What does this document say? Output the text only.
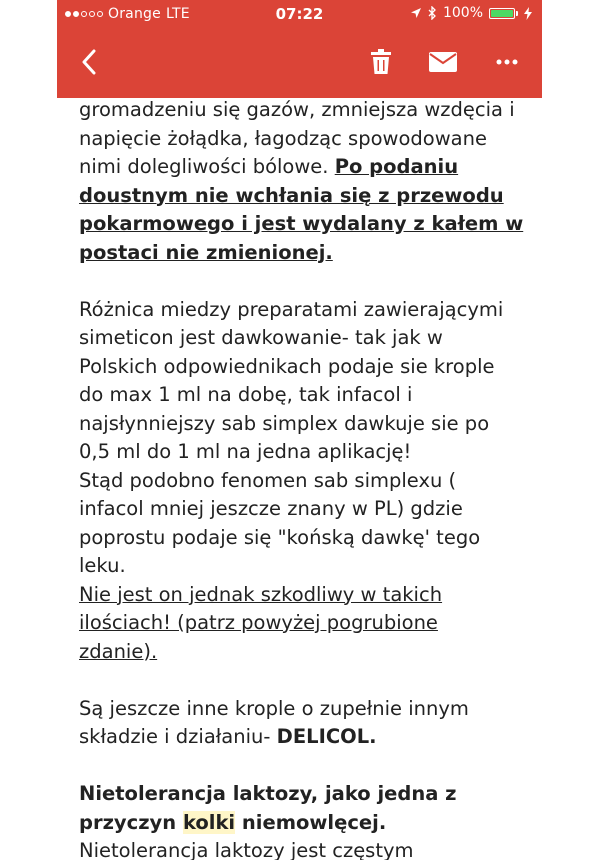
Orange LTE	07:22	100%
gromadzeniu się gazów, zmniejsza wzdęcia i
napięcie żołądka, łagodząc spowodowane
nimi dolegliwości bólowe. Po podaniu
doustnym nie wchłania się z przewodu
pokarmowego i jest wydalany z kałem w
postaci nie zmienionej.
Różnica miedzy preparatami zawierającymi
simeticon jest dawkowanie- tak jak w
Polskich odpowiednikach podaje sie krople
do max 1 ml na dobę, tak infacol i
najsłynniejszy sab simplex dawkuje sie po
0,5 ml do 1 ml na jedna aplikację!
Stąd podobno fenomen sab simplexu (
infacol mniej jeszcze znany w PL) gdzie
poprostu podaje się "końską dawkę' tego
leku.
Nie jest on jednak szkodliwy w takich
ilościach! (patrz powyżej pogrubione
zdanie).
Są jeszcze inne krople o zupełnie innym
składzie i działaniu- DELICOL.
Nietolerancja laktozy, jako jedna z
przyczyn kolki niemowlęcej.
Nietolerancja laktozy jest częstym
